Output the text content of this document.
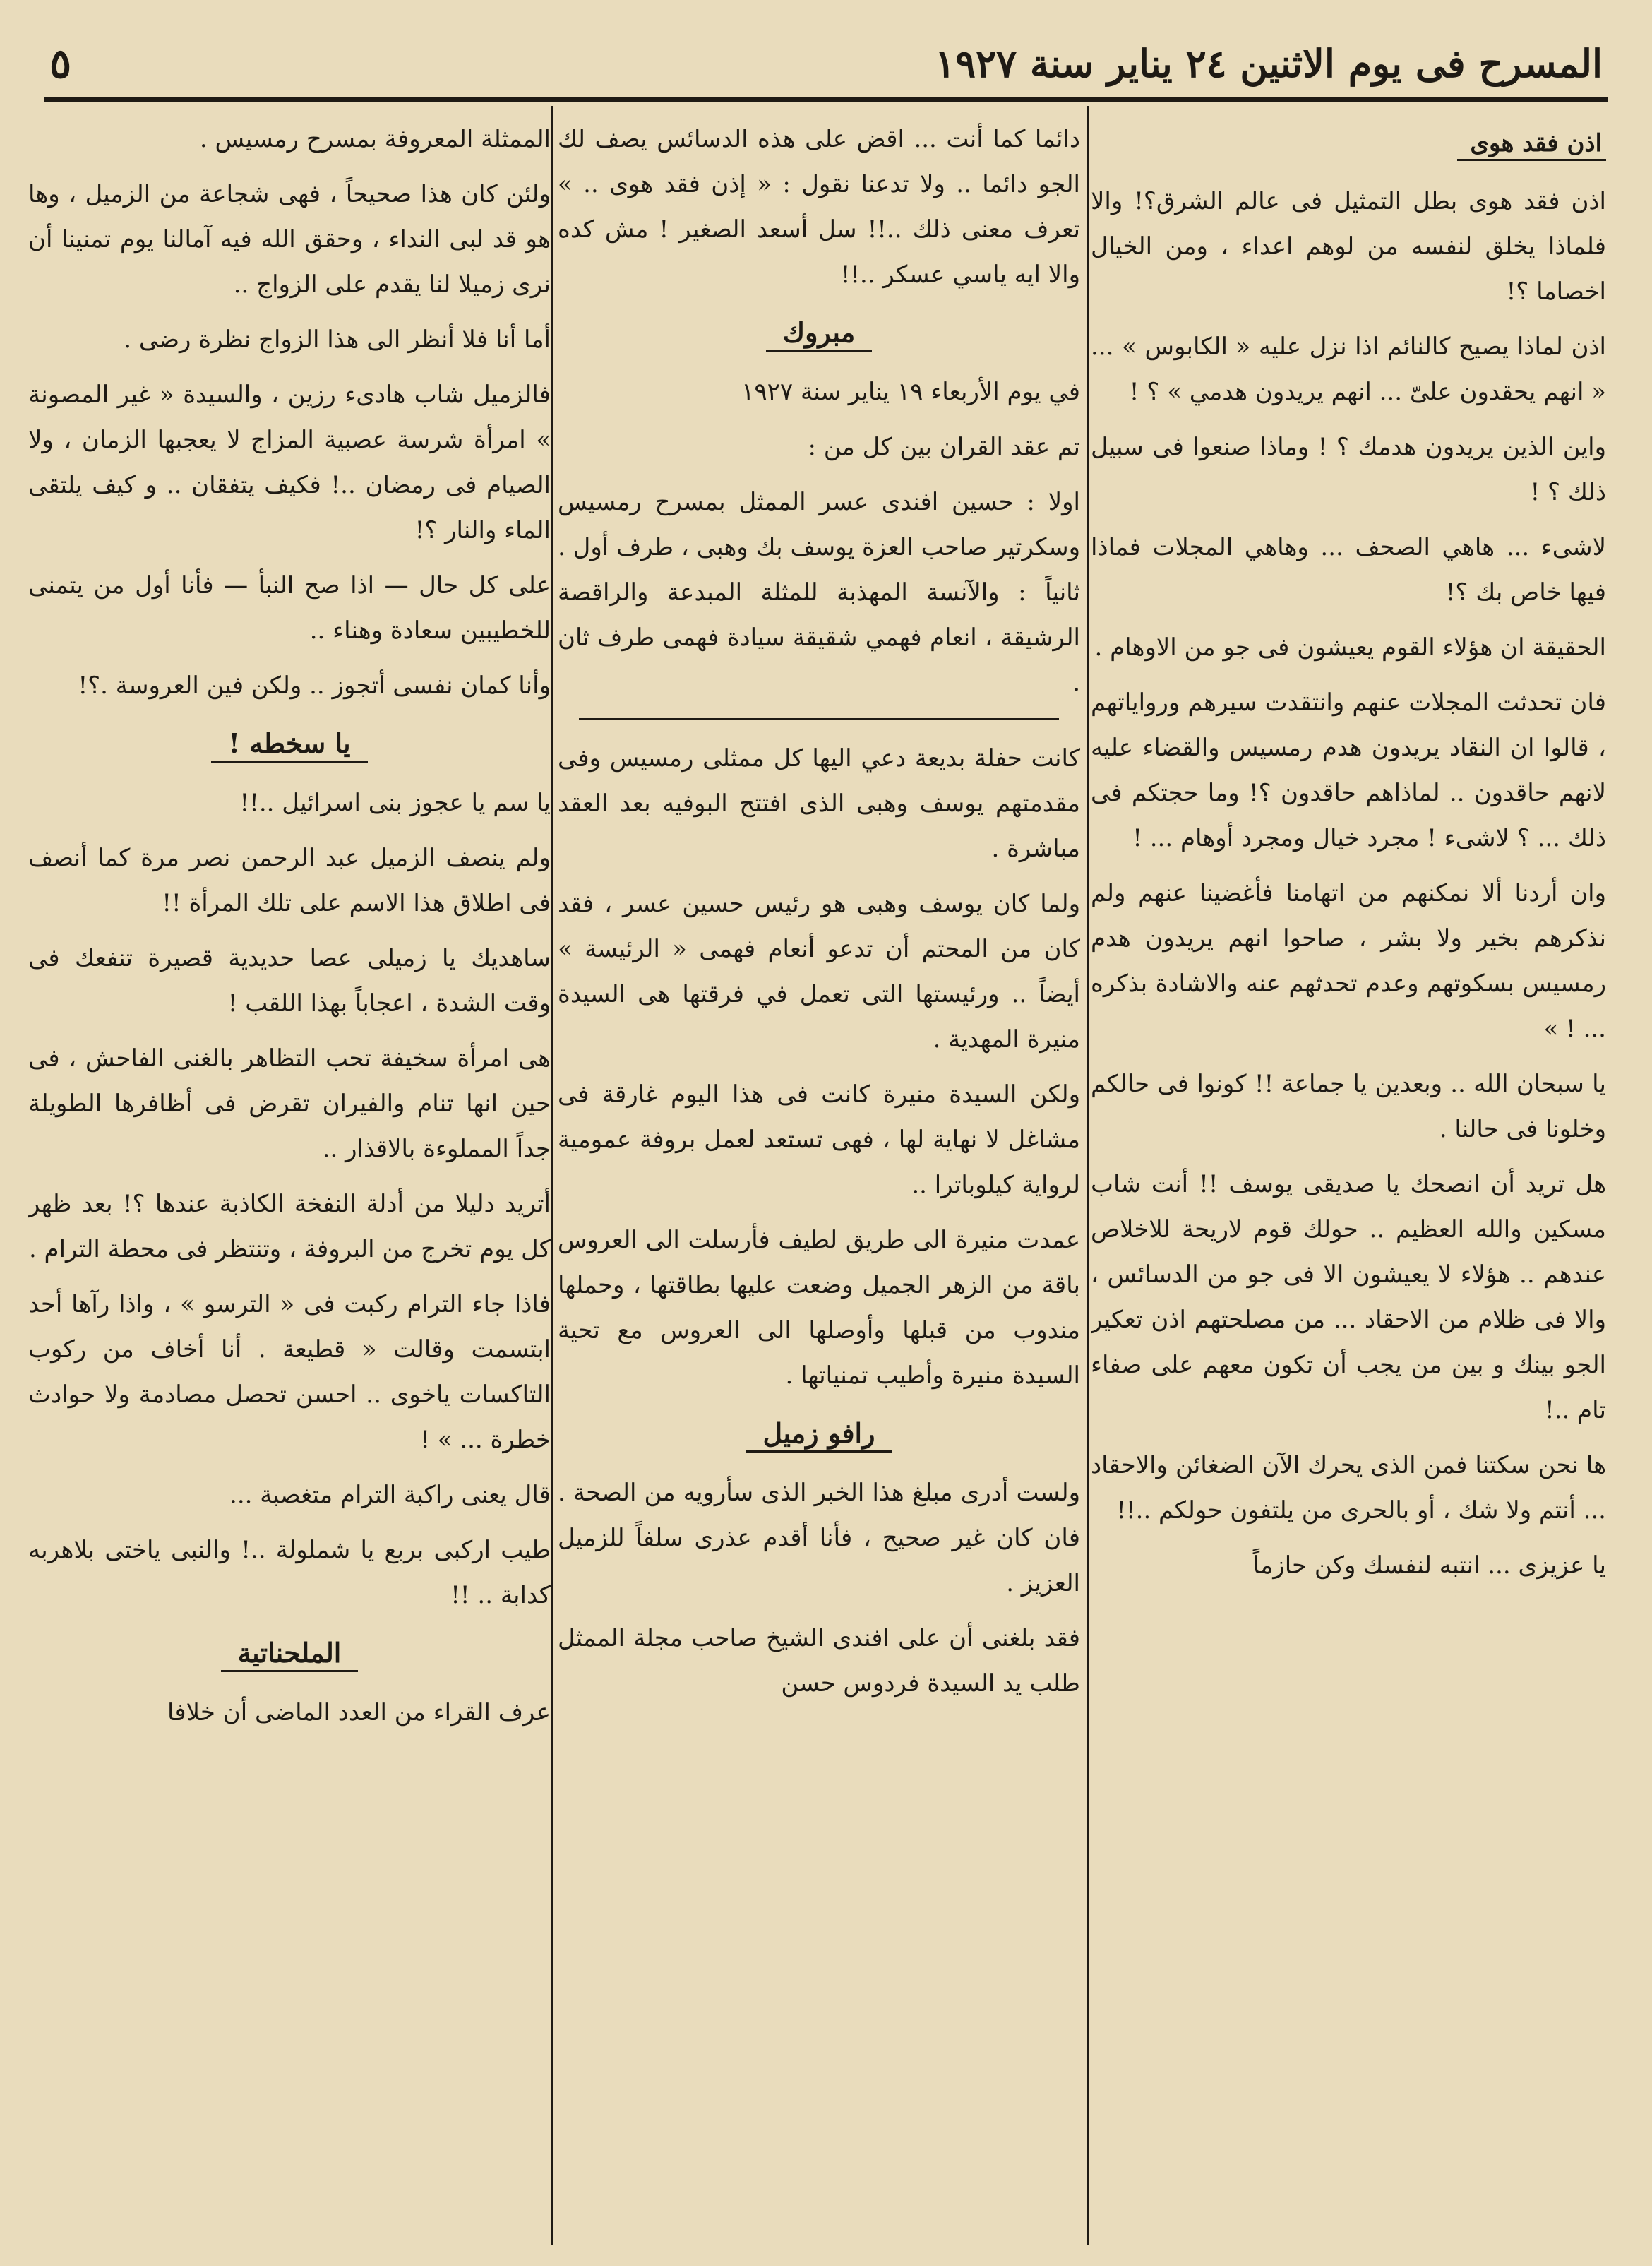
٥	المسرح فى يوم الاثنين ٢٤ يناير سنة ١٩٢٧
اذن فقد هوى

اذن فقد هوى بطل التمثيل فى عالم الشرق؟! والا فلماذا يخلق لنفسه من لوهم اعداء ، ومن الخيال اخصاما ؟!

اذن لماذا يصيح كالنائم اذا نزل عليه « الكابوس » ... « انهم يحقدون علىّ ... انهم يريدون هدمي » ؟ !

واين الذين يريدون هدمك ؟ ! وماذا صنعوا فى سبيل ذلك ؟ !

لاشىء ... هاهي الصحف ... وهاهي المجلات فماذا فيها خاص بك ؟!

الحقيقة ان هؤلاء القوم يعيشون فى جو من الاوهام .

فان تحدثت المجلات عنهم وانتقدت سيرهم ورواياتهم ، قالوا ان النقاد يريدون هدم رمسيس والقضاء عليه لانهم حاقدون .. لماذاهم حاقدون ؟! وما حجتكم فى ذلك ... ؟ لاشىء ! مجرد خيال ومجرد أوهام ... !

وان أردنا ألا نمكنهم من اتهامنا فأغضينا عنهم ولم نذكرهم بخير ولا بشر ، صاحوا انهم يريدون هدم رمسيس بسكوتهم وعدم تحدثهم عنه والاشادة بذكره ... ! »

يا سبحان الله .. وبعدين يا جماعة !! كونوا فى حالكم وخلونا فى حالنا .

هل تريد أن انصحك يا صديقى يوسف !! أنت شاب مسكين والله العظيم .. حولك قوم لاريحة للاخلاص عندهم .. هؤلاء لا يعيشون الا فى جو من الدسائس ، والا فى ظلام من الاحقاد ... من مصلحتهم اذن تعكير الجو بينك و بين من يجب أن تكون معهم على صفاء تام ..!

ها نحن سكتنا فمن الذى يحرك الآن الضغائن والاحقاد ... أنتم ولا شك ، أو بالحرى من يلتفون حولكم ..!!

يا عزيزى ... انتبه لنفسك وكن حازماً

دائما كما أنت ... اقض على هذه الدسائس يصف لك الجو دائما .. ولا تدعنا نقول : « إذن فقد هوى .. » تعرف معنى ذلك ..!! سل أسعد الصغير ! مش كده والا ايه ياسي عسكر ..!!

مبروك

في يوم الأربعاء ١٩ يناير سنة ١٩٢٧

تم عقد القران بين كل من :

اولا : حسين افندى عسر الممثل بمسرح رمسيس وسكرتير صاحب العزة يوسف بك وهبى ، طرف أول . ثانياً : والآنسة المهذبة للمثلة المبدعة والراقصة الرشيقة ، انعام فهمي شقيقة سيادة فهمى طرف ثان .

كانت حفلة بديعة دعي اليها كل ممثلى رمسيس وفى مقدمتهم يوسف وهبى الذى افتتح البوفيه بعد العقد مباشرة .

ولما كان يوسف وهبى هو رئيس حسين عسر ، فقد كان من المحتم أن تدعو أنعام فهمى « الرئيسة » أيضاً .. ورئيستها التى تعمل في فرقتها هى السيدة منيرة المهدية .

ولكن السيدة منيرة كانت فى هذا اليوم غارقة فى مشاغل لا نهاية لها ، فهى تستعد لعمل بروفة عمومية لرواية كيلوباترا ..

عمدت منيرة الى طريق لطيف فأرسلت الى العروس باقة من الزهر الجميل وضعت عليها بطاقتها ، وحملها مندوب من قبلها وأوصلها الى العروس مع تحية السيدة منيرة وأطيب تمنياتها .

رافو زميل

ولست أدرى مبلغ هذا الخبر الذى سأرويه من الصحة . فان كان غير صحيح ، فأنا أقدم عذرى سلفاً للزميل العزيز .

فقد بلغنى أن على افندى الشيخ صاحب مجلة الممثل طلب يد السيدة فردوس حسن

الممثلة المعروفة بمسرح رمسيس .

ولئن كان هذا صحيحاً ، فهى شجاعة من الزميل ، وها هو قد لبى النداء ، وحقق الله فيه آمالنا يوم تمنينا أن نرى زميلا لنا يقدم على الزواج ..

أما أنا فلا أنظر الى هذا الزواج نظرة رضى .

فالزميل شاب هادىء رزين ، والسيدة « غير المصونة » امرأة شرسة عصبية المزاج لا يعجبها الزمان ، ولا الصيام فى رمضان ..! فكيف يتفقان .. و كيف يلتقى الماء والنار ؟!

على كل حال — اذا صح النبأ — فأنا أول من يتمنى للخطيبين سعادة وهناء ..

وأنا كمان نفسى أتجوز .. ولكن فين العروسة .؟!

يا سخطه !

يا سم يا عجوز بنى اسرائيل ..!!

ولم ينصف الزميل عبد الرحمن نصر مرة كما أنصف فى اطلاق هذا الاسم على تلك المرأة !!

ساهديك يا زميلى عصا حديدية قصيرة تنفعك فى وقت الشدة ، اعجاباً بهذا اللقب !

هى امرأة سخيفة تحب التظاهر بالغنى الفاحش ، فى حين انها تنام والفيران تقرض فى أظافرها الطويلة جداً المملوءة بالاقذار ..

أتريد دليلا من أدلة النفخة الكاذبة عندها ؟! بعد ظهر كل يوم تخرج من البروفة ، وتنتظر فى محطة الترام .

فاذا جاء الترام ركبت فى « الترسو » ، واذا رآها أحد ابتسمت وقالت « قطيعة . أنا أخاف من ركوب التاكسات ياخوى .. احسن تحصل مصادمة ولا حوادث خطرة ... » !

قال يعنى راكبة الترام متغصبة ...

طيب اركبى بربع يا شملولة ..! والنبى ياختى بلاهربه كدابة .. !!

الملحناتية

عرف القراء من العدد الماضى أن خلافا
